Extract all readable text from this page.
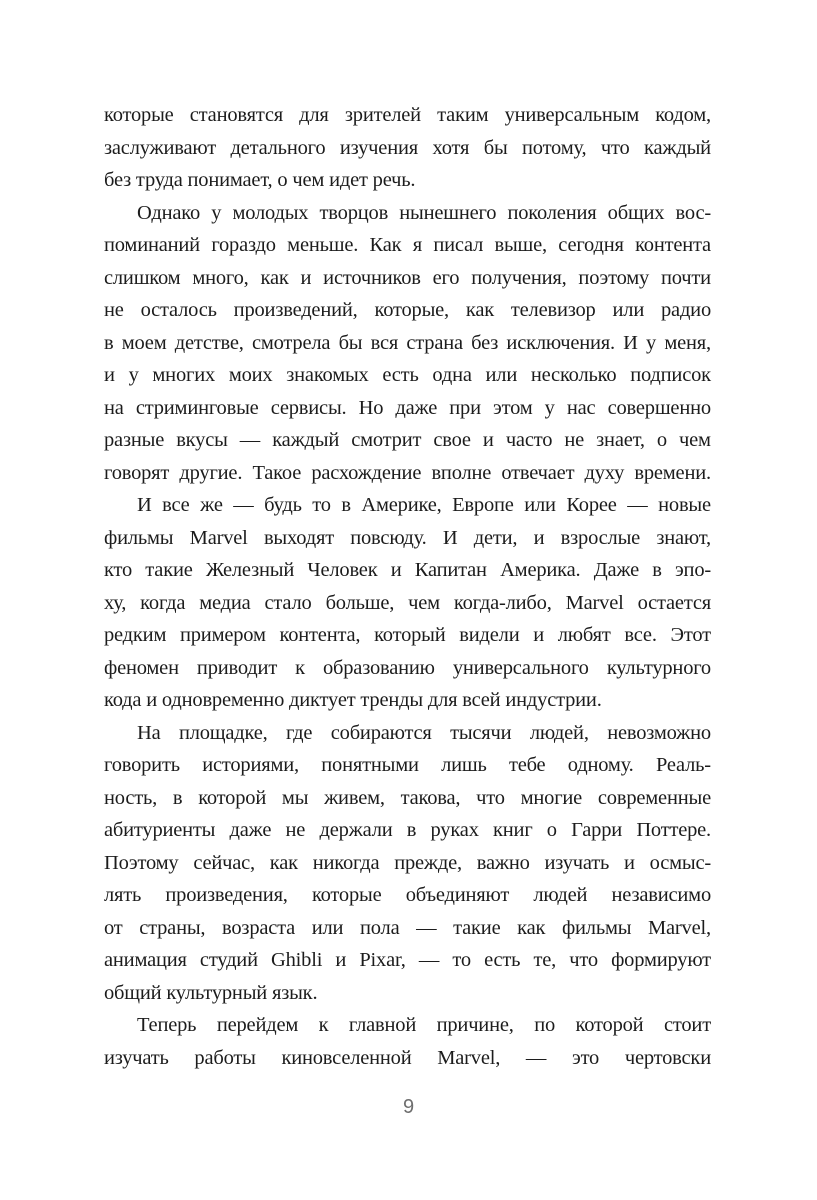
которые становятся для зрителей таким универсальным кодом,
заслуживают детального изучения хотя бы потому, что каждый
без труда понимает, о чем идет речь.
Однако у молодых творцов нынешнего поколения общих вос-
поминаний гораздо меньше. Как я писал выше, сегодня контента
слишком много, как и источников его получения, поэтому почти
не осталось произведений, которые, как телевизор или радио
в моем детстве, смотрела бы вся страна без исключения. И у меня,
и у многих моих знакомых есть одна или несколько подписок
на стриминговые сервисы. Но даже при этом у нас совершенно
разные вкусы — каждый смотрит свое и часто не знает, о чем
говорят другие. Такое расхождение вполне отвечает духу времени.
И все же — будь то в Америке, Европе или Корее — новые
фильмы Marvel выходят повсюду. И дети, и взрослые знают,
кто такие Железный Человек и Капитан Америка. Даже в эпо-
ху, когда медиа стало больше, чем когда-либо, Marvel остается
редким примером контента, который видели и любят все. Этот
феномен приводит к образованию универсального культурного
кода и одновременно диктует тренды для всей индустрии.
На площадке, где собираются тысячи людей, невозможно
говорить историями, понятными лишь тебе одному. Реаль-
ность, в которой мы живем, такова, что многие современные
абитуриенты даже не держали в руках книг о Гарри Поттере.
Поэтому сейчас, как никогда прежде, важно изучать и осмыс-
лять произведения, которые объединяют людей независимо
от страны, возраста или пола — такие как фильмы Marvel,
анимация студий Ghibli и Pixar, — то есть те, что формируют
общий культурный язык.
Теперь перейдем к главной причине, по которой стоит
изучать работы киновселенной Marvel, — это чертовски
9
